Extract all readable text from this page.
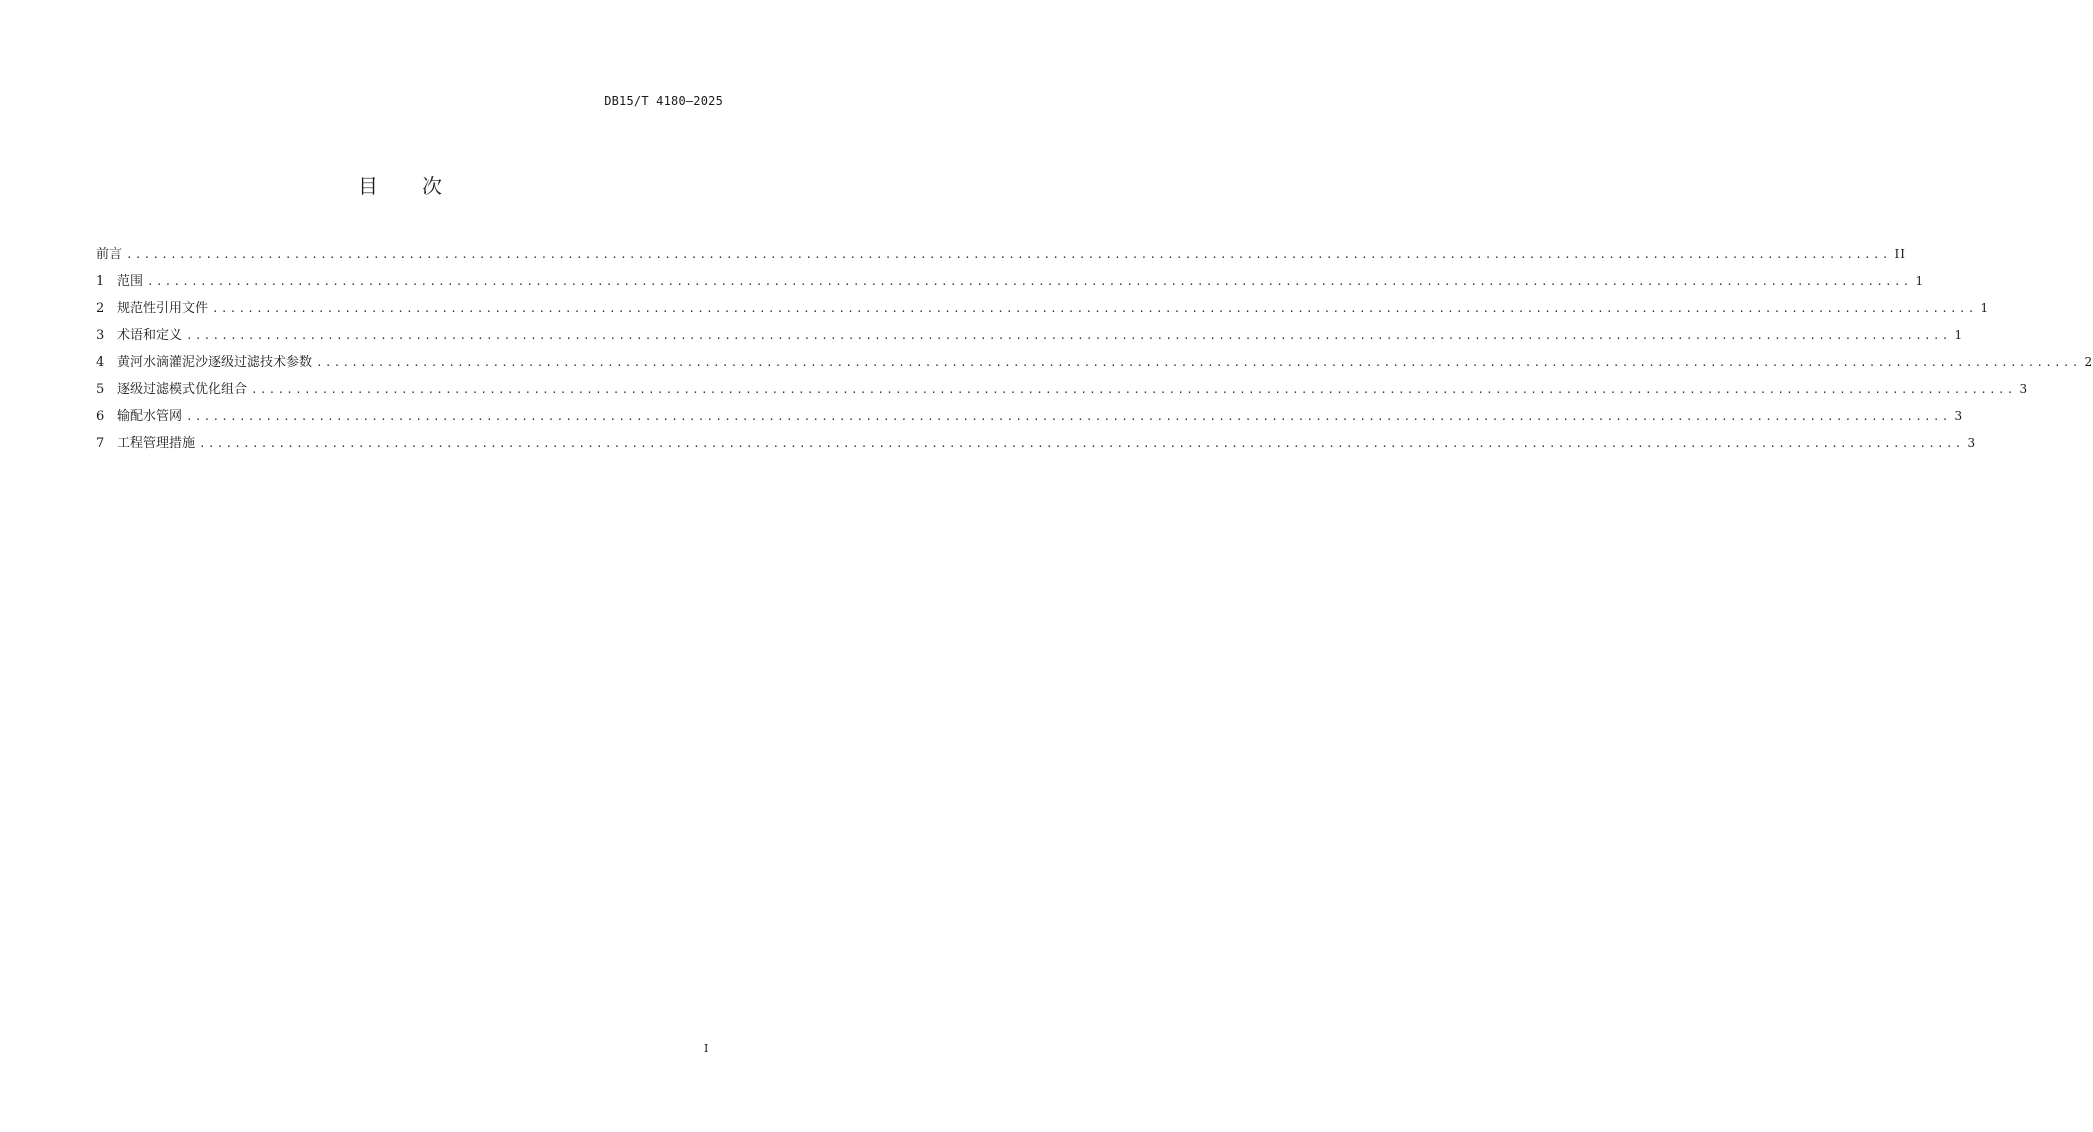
DB15/T 4180—2025
目 次
前言 ........................................................................................................................................................................................................ II
1 范围 ........................................................................................................................................................................................................ 1
2 规范性引用文件 ........................................................................................................................................................................................................ 1
3 术语和定义 ........................................................................................................................................................................................................ 1
4 黄河水滴灌泥沙逐级过滤技术参数 ........................................................................................................................................................................................................ 2
5 逐级过滤模式优化组合 ........................................................................................................................................................................................................ 3
6 输配水管网 ........................................................................................................................................................................................................ 3
7 工程管理措施 ........................................................................................................................................................................................................ 3
I
